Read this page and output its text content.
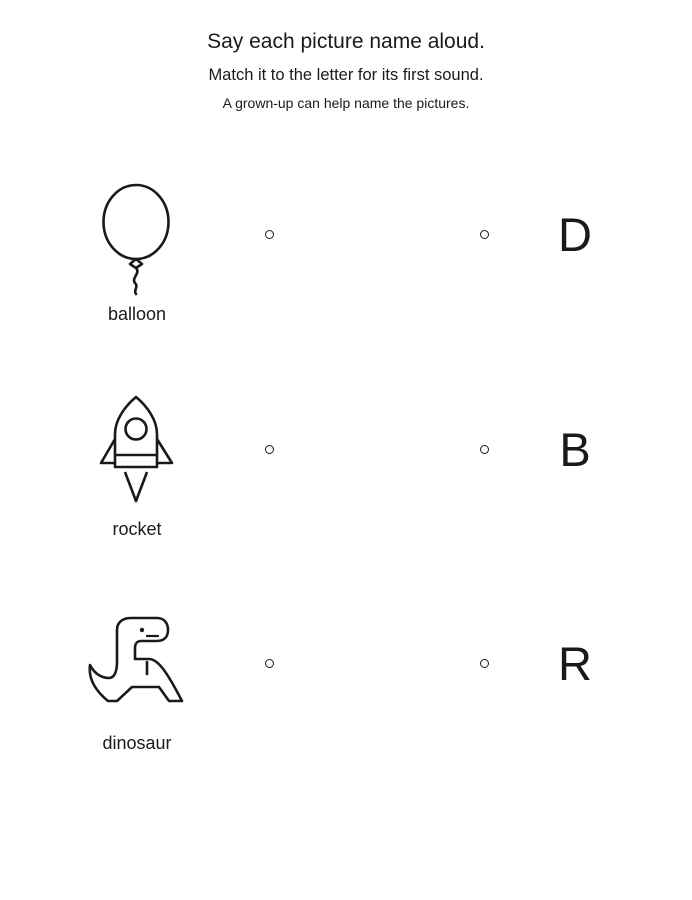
Say each picture name aloud.
Match it to the letter for its first sound.
A grown-up can help name the pictures.
balloon
D
rocket
B
dinosaur
R
